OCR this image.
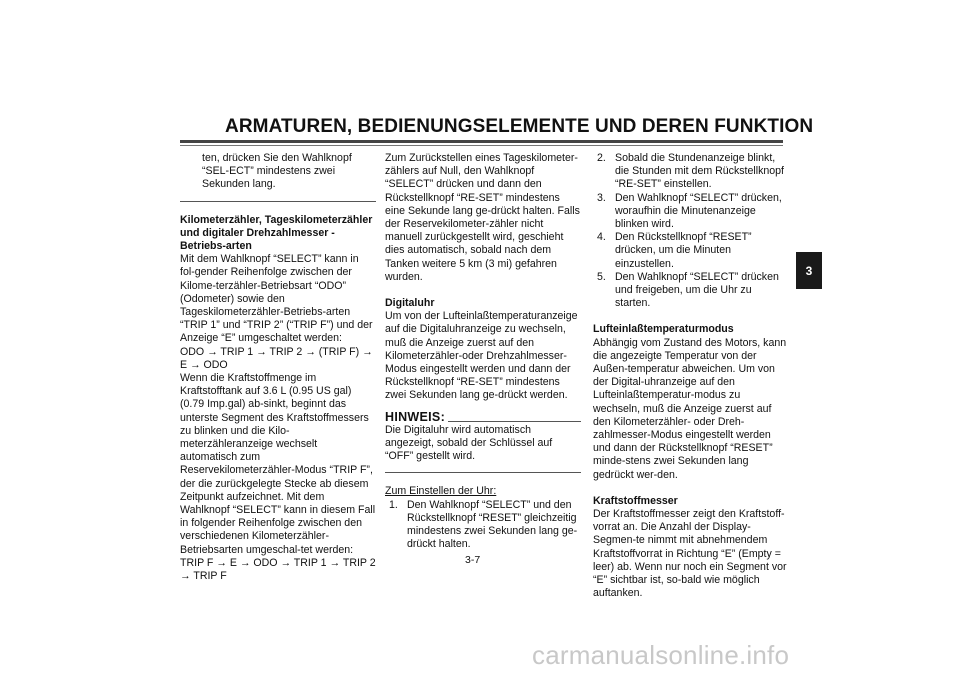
ARMATUREN, BEDIENUNGSELEMENTE UND DEREN FUNKTION

ten, drücken Sie den Wahlknopf “SEL-ECT” mindestens zwei Sekunden lang.

Kilometerzähler, Tageskilometerzähler und digitaler Drehzahlmesser - Betriebs-arten

Mit dem Wahlknopf “SELECT” kann in fol-gender Reihenfolge zwischen der Kilome-terzähler-Betriebsart “ODO” (Odometer) sowie den Tageskilometerzähler-Betriebs-arten “TRIP 1” und “TRIP 2” (“TRIP F”) und der Anzeige “E” umgeschaltet werden:

ODO → TRIP 1 → TRIP 2 → (TRIP F) → E → ODO

Wenn die Kraftstoffmenge im Kraftstofftank auf 3.6 L (0.95 US gal) (0.79 Imp.gal) ab-sinkt, beginnt das unterste Segment des Kraftstoffmessers zu blinken und die Kilo-meterzähleranzeige wechselt automatisch zum Reservekilometerzähler-Modus “TRIP F”, der die zurückgelegte Stecke ab diesem Zeitpunkt aufzeichnet. Mit dem Wahlknopf “SELECT” kann in diesem Fall in folgender Reihenfolge zwischen den verschiedenen Kilometerzähler-Betriebsarten umgeschal-tet werden:

TRIP F → E → ODO → TRIP 1 → TRIP 2 → TRIP F

Zum Zurückstellen eines Tageskilometer-zählers auf Null, den Wahlknopf “SELECT” drücken und dann den Rückstellknopf “RE-SET” mindestens eine Sekunde lang ge-drückt halten. Falls der Reservekilometer-zähler nicht manuell zurückgestellt wird, geschieht dies automatisch, sobald nach dem Tanken weitere 5 km (3 mi) gefahren wurden.

Digitaluhr

Um von der Lufteinlaßtemperaturanzeige auf die Digitaluhranzeige zu wechseln, muß die Anzeige zuerst auf den Kilometerzähler-oder Drehzahlmesser-Modus eingestellt werden und dann der Rückstellknopf “RE-SET” mindestens zwei Sekunden lang ge-drückt werden.

HINWEIS:

Die Digitaluhr wird automatisch angezeigt, sobald der Schlüssel auf “OFF” gestellt wird.

Zum Einstellen der Uhr:

1. Den Wahlknopf “SELECT” und den Rückstellknopf “RESET” gleichzeitig mindestens zwei Sekunden lang ge-drückt halten.
2. Sobald die Stundenanzeige blinkt, die Stunden mit dem Rückstellknopf “RE-SET” einstellen.
3. Den Wahlknopf “SELECT” drücken, woraufhin die Minutenanzeige blinken wird.
4. Den Rückstellknopf “RESET” drücken, um die Minuten einzustellen.
5. Den Wahlknopf “SELECT” drücken und freigeben, um die Uhr zu starten.

Lufteinlaßtemperaturmodus

Abhängig vom Zustand des Motors, kann die angezeigte Temperatur von der Außen-temperatur abweichen. Um von der Digital-uhranzeige auf den Lufteinlaßtemperatur-modus zu wechseln, muß die Anzeige zuerst auf den Kilometerzähler- oder Dreh-zahlmesser-Modus eingestellt werden und dann der Rückstellknopf “RESET” minde-stens zwei Sekunden lang gedrückt wer-den.

Kraftstoffmesser

Der Kraftstoffmesser zeigt den Kraftstoff-vorrat an. Die Anzahl der Display-Segmen-te nimmt mit abnehmendem Kraftstoffvorrat in Richtung “E” (Empty = leer) ab. Wenn nur noch ein Segment vor “E” sichtbar ist, so-bald wie möglich auftanken.

3
3-7
carmanualsonline.info
